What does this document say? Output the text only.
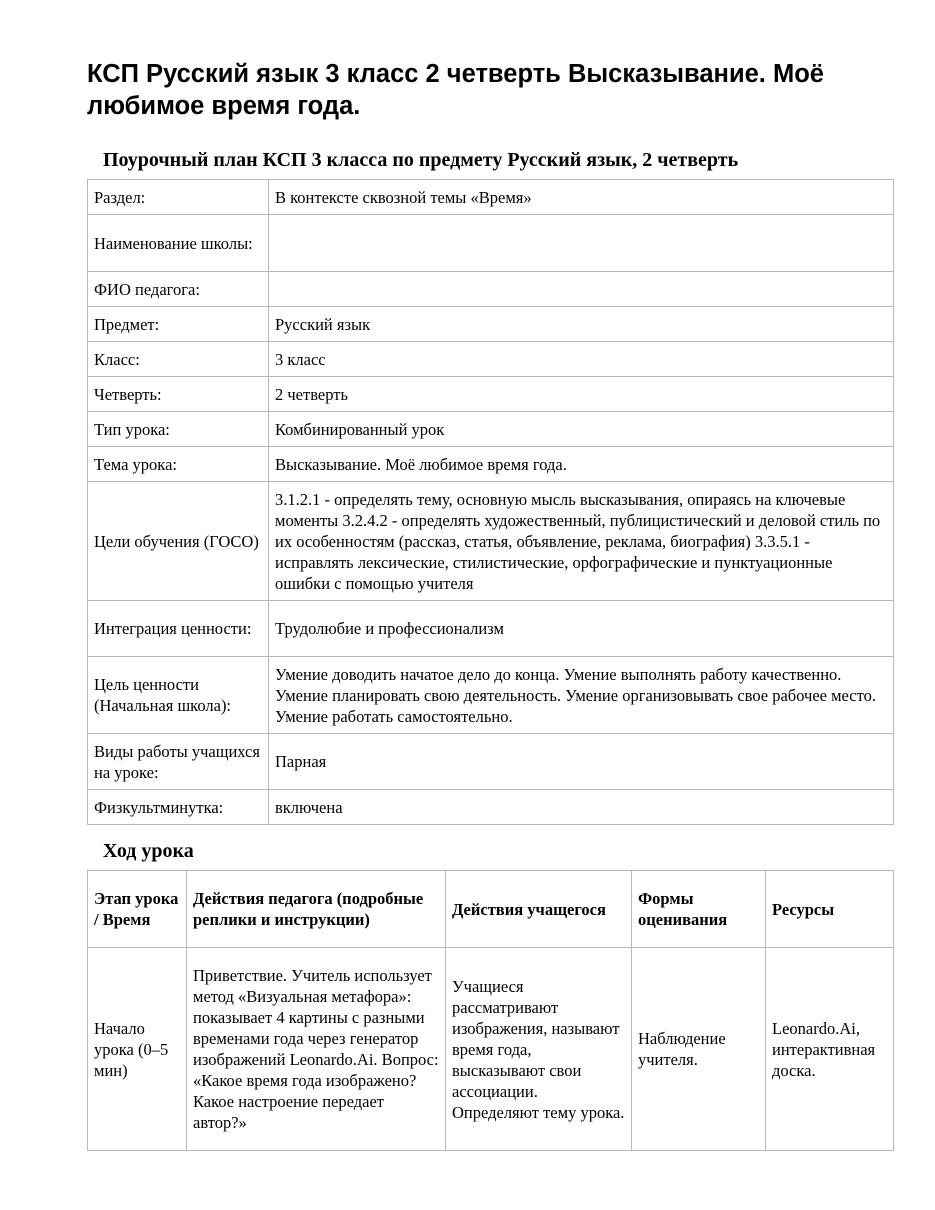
КСП Русский язык 3 класс 2 четверть Высказывание. Моё любимое время года.
Поурочный план КСП 3 класса по предмету Русский язык, 2 четверть
Раздел:	В контексте сквозной темы «Время»
Наименование школы:	
ФИО педагога:	
Предмет:	Русский язык
Класс:	3 класс
Четверть:	2 четверть
Тип урока:	Комбинированный урок
Тема урока:	Высказывание. Моё любимое время года.
Цели обучения (ГОСО)	3.1.2.1 - определять тему, основную мысль высказывания, опираясь на ключевые моменты 3.2.4.2 - определять художественный, публицистический и деловой стиль по их особенностям (рассказ, статья, объявление, реклама, биография) 3.3.5.1 - исправлять лексические, стилистические, орфографические и пунктуационные ошибки с помощью учителя
Интеграция ценности:	Трудолюбие и профессионализм
Цель ценности (Начальная школа):	Умение доводить начатое дело до конца. Умение выполнять работу качественно. Умение планировать свою деятельность. Умение организовывать свое рабочее место. Умение работать самостоятельно.
Виды работы учащихся на уроке:	Парная
Физкультминутка:	включена
Ход урока
Этап урока / Время	Действия педагога (подробные реплики и инструкции)	Действия учащегося	Формы оценивания	Ресурсы
Начало урока (0–5 мин)	Приветствие. Учитель использует метод «Визуальная метафора»: показывает 4 картины с разными временами года через генератор изображений Leonardo.Ai. Вопрос: «Какое время года изображено? Какое настроение передает автор?»	Учащиеся рассматривают изображения, называют время года, высказывают свои ассоциации. Определяют тему урока.	Наблюдение учителя.	Leonardo.Ai, интерактивная доска.
